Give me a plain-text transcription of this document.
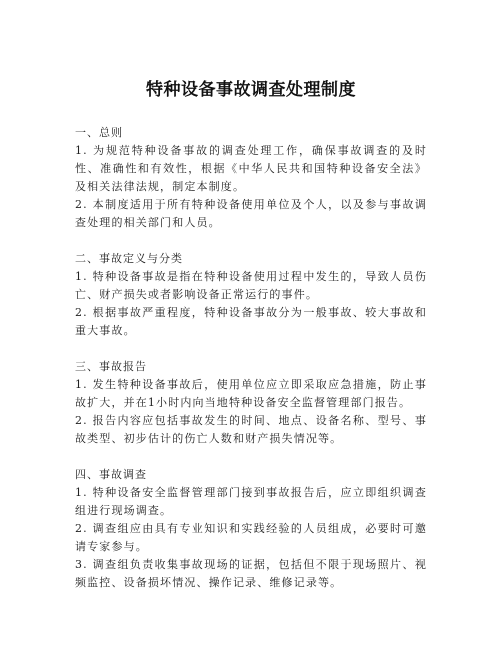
特种设备事故调查处理制度
一、总则
1. 为规范特种设备事故的调查处理工作，确保事故调查的及时性、准确性和有效性，根据《中华人民共和国特种设备安全法》及相关法律法规，制定本制度。
2. 本制度适用于所有特种设备使用单位及个人，以及参与事故调查处理的相关部门和人员。
二、事故定义与分类
1. 特种设备事故是指在特种设备使用过程中发生的，导致人员伤亡、财产损失或者影响设备正常运行的事件。
2. 根据事故严重程度，特种设备事故分为一般事故、较大事故和重大事故。
三、事故报告
1. 发生特种设备事故后，使用单位应立即采取应急措施，防止事故扩大，并在1小时内向当地特种设备安全监督管理部门报告。
2. 报告内容应包括事故发生的时间、地点、设备名称、型号、事故类型、初步估计的伤亡人数和财产损失情况等。
四、事故调查
1. 特种设备安全监督管理部门接到事故报告后，应立即组织调查组进行现场调查。
2. 调查组应由具有专业知识和实践经验的人员组成，必要时可邀请专家参与。
3. 调查组负责收集事故现场的证据，包括但不限于现场照片、视频监控、设备损坏情况、操作记录、维修记录等。
